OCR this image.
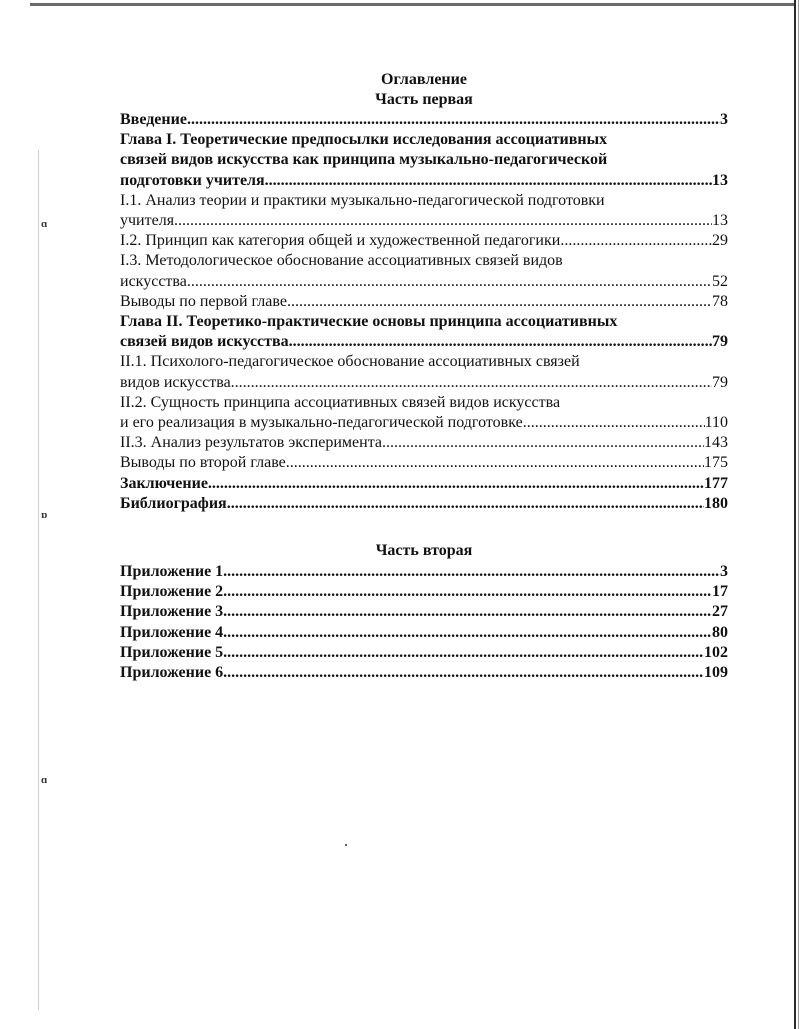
ɑ
ɒ
ɑ
Оглавление
Часть первая
Введение .....	3
Глава I. Теоретические предпосылки исследования ассоциативных
связей видов искусства как принципа музыкально-педагогической
подготовки учителя .....	13
I.1. Анализ теории и практики музыкально-педагогической подготовки
учителя .....	13
I.2. Принцип как категория общей и художественной педагогики .....	29
I.3. Методологическое обоснование ассоциативных связей видов
искусства .....	52
Выводы по первой главе .....	78
Глава II. Теоретико-практические основы принципа ассоциативных
связей видов искусства .....	79
II.1. Психолого-педагогическое обоснование ассоциативных связей
видов искусства .....	79
II.2. Сущность принципа ассоциативных связей видов искусства
и его реализация в музыкально-педагогической подготовке .....	110
II.3. Анализ результатов эксперимента .....	143
Выводы по второй главе .....	175
Заключение .....	177
Библиография .....	180
Часть вторая
Приложение 1 .....	3
Приложение 2 .....	17
Приложение 3 .....	27
Приложение 4 .....	80
Приложение 5 .....	102
Приложение 6 .....	109
